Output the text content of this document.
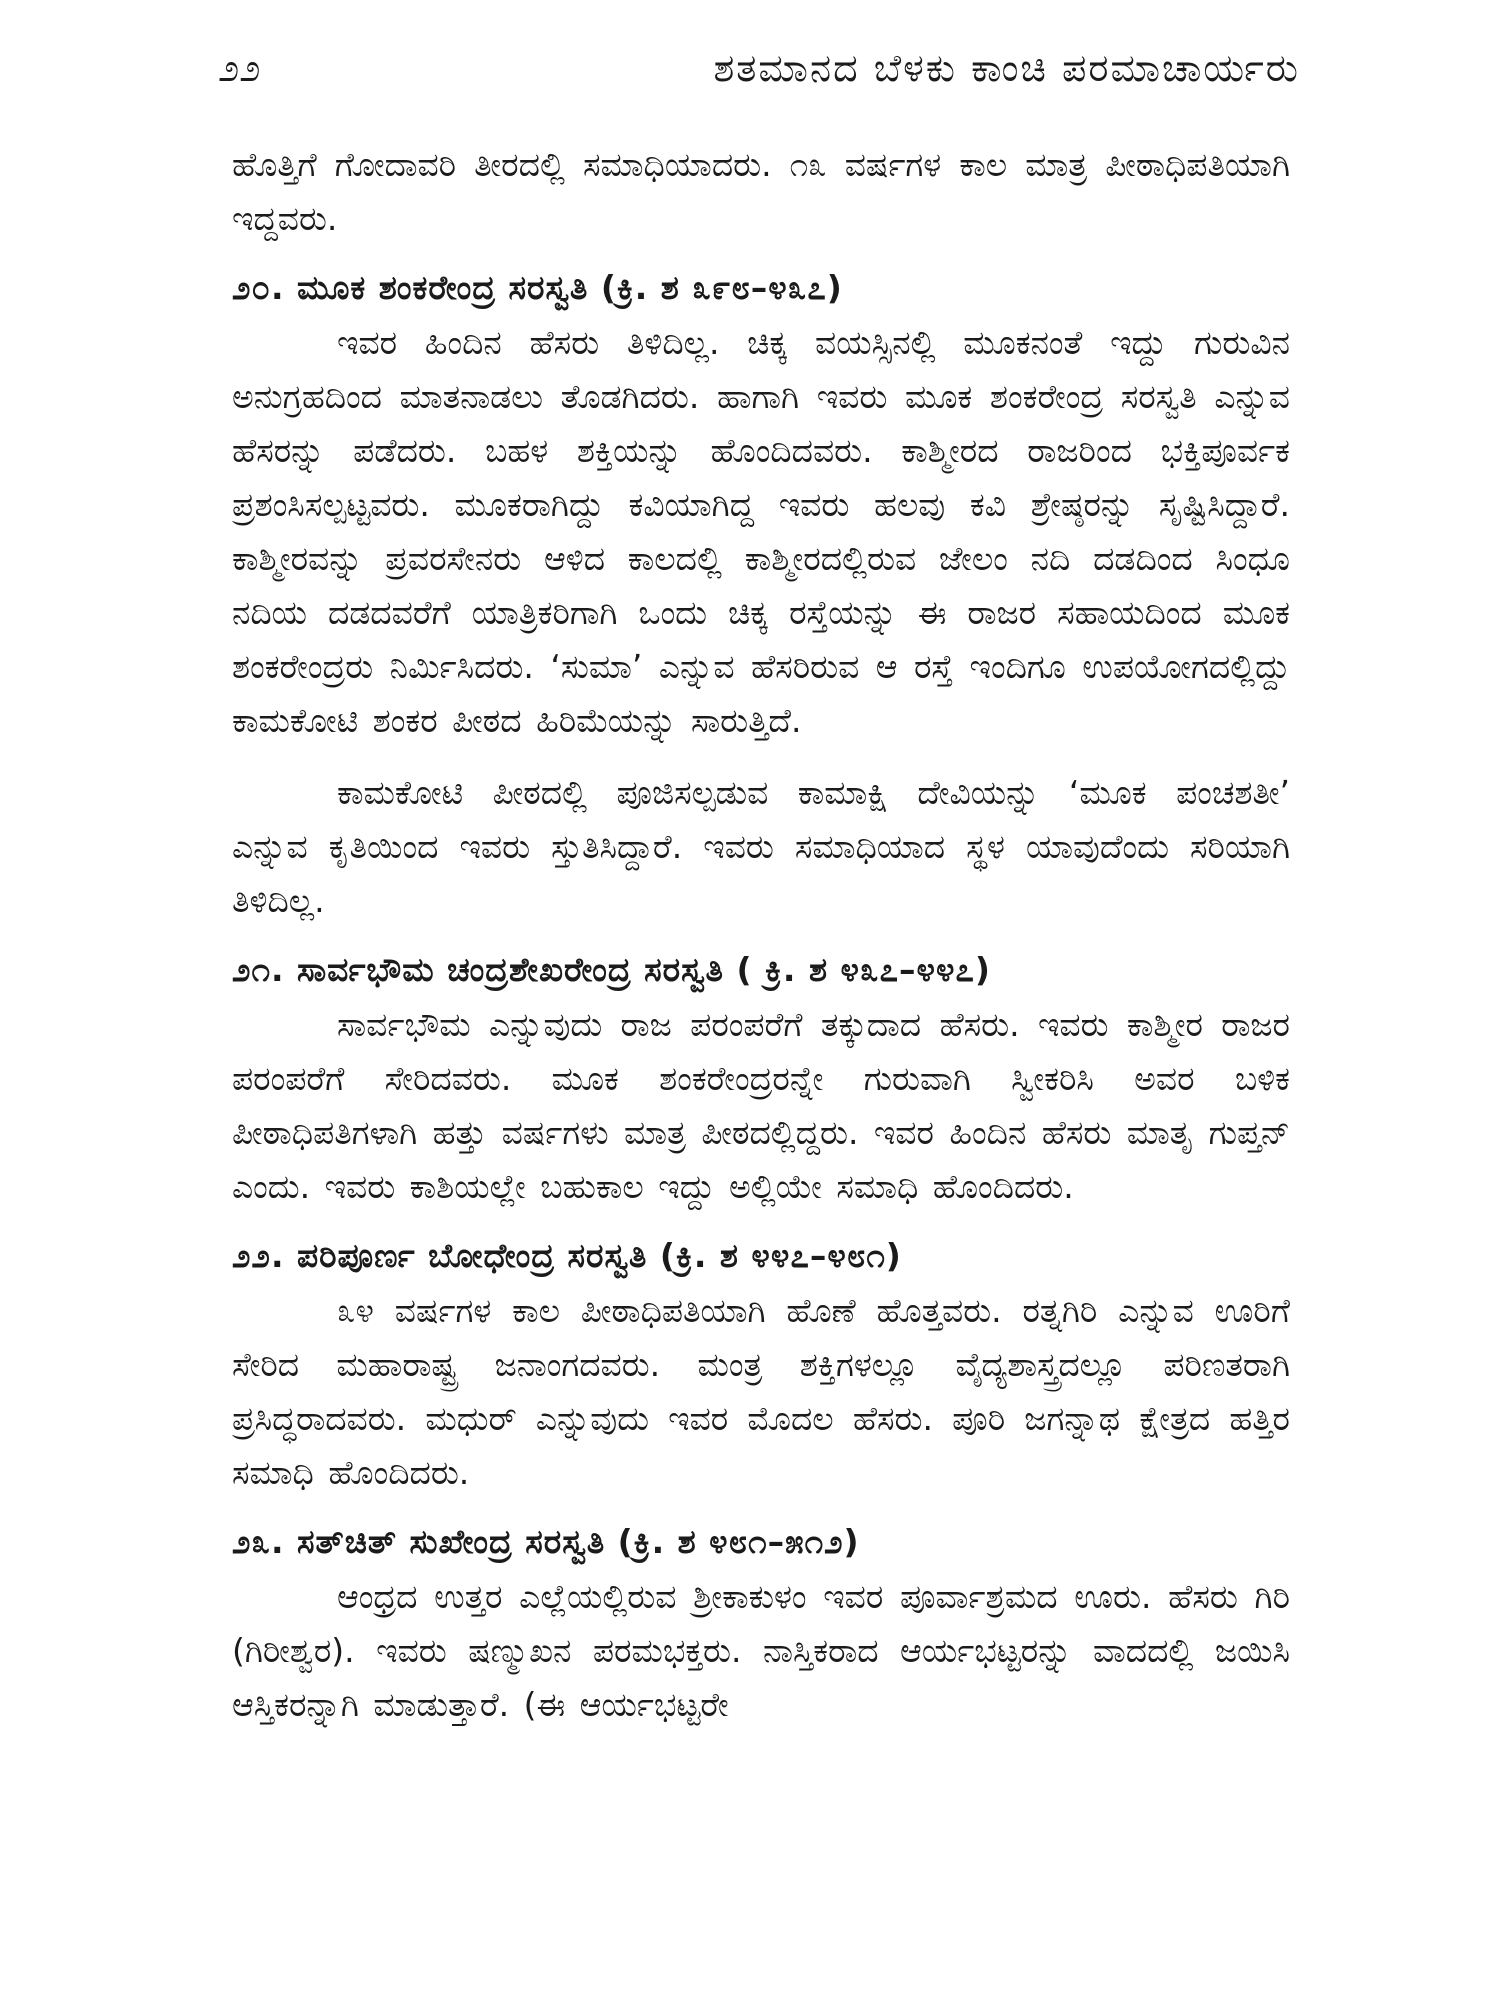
೨೨	ಶತಮಾನದ ಬೆಳಕು ಕಾಂಚಿ ಪರಮಾಚಾರ್ಯರು

ಹೊತ್ತಿಗೆ ಗೋದಾವರಿ ತೀರದಲ್ಲಿ ಸಮಾಧಿಯಾದರು. ೧೩ ವರ್ಷಗಳ ಕಾಲ ಮಾತ್ರ ಪೀಠಾಧಿಪತಿಯಾಗಿ ಇದ್ದವರು.

೨೦. ಮೂಕ ಶಂಕರೇಂದ್ರ ಸರಸ್ವತಿ (ಕ್ರಿ. ಶ ೩೯೮–೪೩೭)

ಇವರ ಹಿಂದಿನ ಹೆಸರು ತಿಳಿದಿಲ್ಲ. ಚಿಕ್ಕ ವಯಸ್ಸಿನಲ್ಲಿ ಮೂಕನಂತೆ ಇದ್ದು ಗುರುವಿನ ಅನುಗ್ರಹದಿಂದ ಮಾತನಾಡಲು ತೊಡಗಿದರು. ಹಾಗಾಗಿ ಇವರು ಮೂಕ ಶಂಕರೇಂದ್ರ ಸರಸ್ವತಿ ಎನ್ನುವ ಹೆಸರನ್ನು ಪಡೆದರು. ಬಹಳ ಶಕ್ತಿಯನ್ನು ಹೊಂದಿದವರು. ಕಾಶ್ಮೀರದ ರಾಜರಿಂದ ಭಕ್ತಿಪೂರ್ವಕ ಪ್ರಶಂಸಿಸಲ್ಪಟ್ಟವರು. ಮೂಕರಾಗಿದ್ದು ಕವಿಯಾಗಿದ್ದ ಇವರು ಹಲವು ಕವಿ ಶ್ರೇಷ್ಠರನ್ನು ಸೃಷ್ಟಿಸಿದ್ದಾರೆ. ಕಾಶ್ಮೀರವನ್ನು ಪ್ರವರಸೇನರು ಆಳಿದ ಕಾಲದಲ್ಲಿ ಕಾಶ್ಮೀರದಲ್ಲಿರುವ ಜೇಲಂ ನದಿ ದಡದಿಂದ ಸಿಂಧೂ ನದಿಯ ದಡದವರೆಗೆ ಯಾತ್ರಿಕರಿಗಾಗಿ ಒಂದು ಚಿಕ್ಕ ರಸ್ತೆಯನ್ನು ಈ ರಾಜರ ಸಹಾಯದಿಂದ ಮೂಕ ಶಂಕರೇಂದ್ರರು ನಿರ್ಮಿಸಿದರು. ‘ಸುಮಾ’ ಎನ್ನುವ ಹೆಸರಿರುವ ಆ ರಸ್ತೆ ಇಂದಿಗೂ ಉಪಯೋಗದಲ್ಲಿದ್ದು ಕಾಮಕೋಟಿ ಶಂಕರ ಪೀಠದ ಹಿರಿಮೆಯನ್ನು ಸಾರುತ್ತಿದೆ.

ಕಾಮಕೋಟಿ ಪೀಠದಲ್ಲಿ ಪೂಜಿಸಲ್ಪಡುವ ಕಾಮಾಕ್ಷಿ ದೇವಿಯನ್ನು ‘ಮೂಕ ಪಂಚಶತೀ’ ಎನ್ನುವ ಕೃತಿಯಿಂದ ಇವರು ಸ್ತುತಿಸಿದ್ದಾರೆ. ಇವರು ಸಮಾಧಿಯಾದ ಸ್ಥಳ ಯಾವುದೆಂದು ಸರಿಯಾಗಿ ತಿಳಿದಿಲ್ಲ.

೨೧. ಸಾರ್ವಭೌಮ ಚಂದ್ರಶೇಖರೇಂದ್ರ ಸರಸ್ವತಿ ( ಕ್ರಿ. ಶ ೪೩೭–೪೪೭)

ಸಾರ್ವಭೌಮ ಎನ್ನುವುದು ರಾಜ ಪರಂಪರೆಗೆ ತಕ್ಕುದಾದ ಹೆಸರು. ಇವರು ಕಾಶ್ಮೀರ ರಾಜರ ಪರಂಪರೆಗೆ ಸೇರಿದವರು. ಮೂಕ ಶಂಕರೇಂದ್ರರನ್ನೇ ಗುರುವಾಗಿ ಸ್ವೀಕರಿಸಿ ಅವರ ಬಳಿಕ ಪೀಠಾಧಿಪತಿಗಳಾಗಿ ಹತ್ತು ವರ್ಷಗಳು ಮಾತ್ರ ಪೀಠದಲ್ಲಿದ್ದರು. ಇವರ ಹಿಂದಿನ ಹೆಸರು ಮಾತೃ ಗುಪ್ತನ್ ಎಂದು. ಇವರು ಕಾಶಿಯಲ್ಲೇ ಬಹುಕಾಲ ಇದ್ದು ಅಲ್ಲಿಯೇ ಸಮಾಧಿ ಹೊಂದಿದರು.

೨೨. ಪರಿಪೂರ್ಣ ಬೋಧೇಂದ್ರ ಸರಸ್ವತಿ (ಕ್ರಿ. ಶ ೪೪೭–೪೮೧)

೩೪ ವರ್ಷಗಳ ಕಾಲ ಪೀಠಾಧಿಪತಿಯಾಗಿ ಹೊಣೆ ಹೊತ್ತವರು. ರತ್ನಗಿರಿ ಎನ್ನುವ ಊರಿಗೆ ಸೇರಿದ ಮಹಾರಾಷ್ಟ್ರ ಜನಾಂಗದವರು. ಮಂತ್ರ ಶಕ್ತಿಗಳಲ್ಲೂ ವೈದ್ಯಶಾಸ್ತ್ರದಲ್ಲೂ ಪರಿಣತರಾಗಿ ಪ್ರಸಿದ್ಧರಾದವರು. ಮಧುರ್ ಎನ್ನುವುದು ಇವರ ಮೊದಲ ಹೆಸರು. ಪೂರಿ ಜಗನ್ನಾಥ ಕ್ಷೇತ್ರದ ಹತ್ತಿರ ಸಮಾಧಿ ಹೊಂದಿದರು.

೨೩. ಸತ್‌ಚಿತ್ ಸುಖೇಂದ್ರ ಸರಸ್ವತಿ (ಕ್ರಿ. ಶ ೪೮೧–೫೧೨)

ಆಂಧ್ರದ ಉತ್ತರ ಎಲ್ಲೆಯಲ್ಲಿರುವ ಶ್ರೀಕಾಕುಳಂ ಇವರ ಪೂರ್ವಾಶ್ರಮದ ಊರು. ಹೆಸರು ಗಿರಿ (ಗಿರೀಶ್ವರ). ಇವರು ಷಣ್ಮುಖನ ಪರಮಭಕ್ತರು. ನಾಸ್ತಿಕರಾದ ಆರ್ಯಭಟ್ಟರನ್ನು ವಾದದಲ್ಲಿ ಜಯಿಸಿ ಆಸ್ತಿಕರನ್ನಾಗಿ ಮಾಡುತ್ತಾರೆ. (ಈ ಆರ್ಯಭಟ್ಟರೇ
